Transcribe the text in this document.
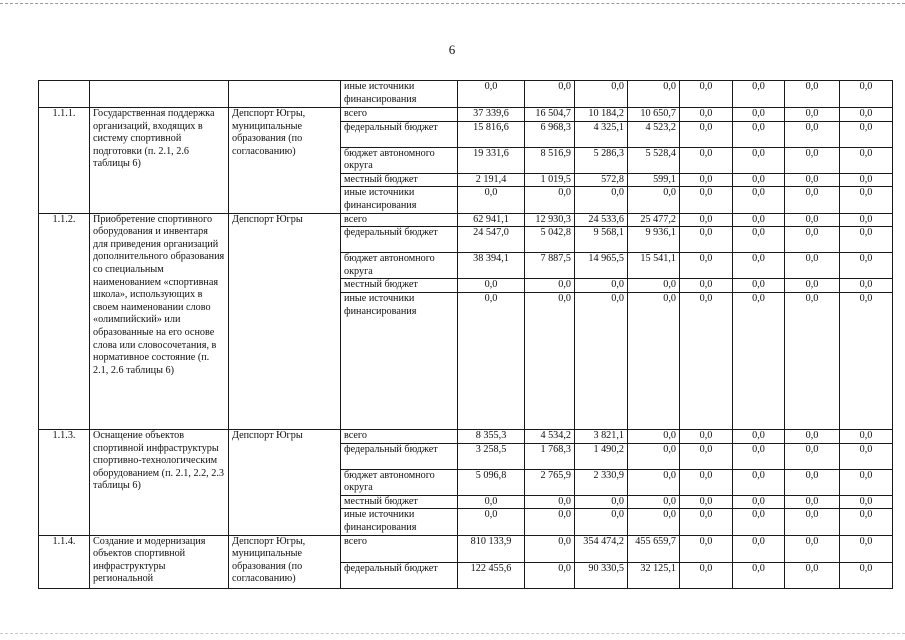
6
			иные источники финансирования	0,0	0,0	0,0	0,0	0,0	0,0	0,0	0,0
1.1.1.	Государственная поддержка организаций, входящих в систему спортивной подготовки (п. 2.1, 2.6 таблицы 6)	Депспорт Югры, муниципальные образования (по согласованию)	всего	37 339,6	16 504,7	10 184,2	10 650,7	0,0	0,0	0,0	0,0
			федеральный бюджет	15 816,6	6 968,3	4 325,1	4 523,2	0,0	0,0	0,0	0,0
			бюджет автономного округа	19 331,6	8 516,9	5 286,3	5 528,4	0,0	0,0	0,0	0,0
			местный бюджет	2 191,4	1 019,5	572,8	599,1	0,0	0,0	0,0	0,0
			иные источники финансирования	0,0	0,0	0,0	0,0	0,0	0,0	0,0	0,0
1.1.2.	Приобретение спортивного оборудования и инвентаря для приведения организаций дополнительного образования со специальным наименованием «спортивная школа», использующих в своем наименовании слово «олимпийский» или образованные на его основе слова или словосочетания, в нормативное состояние (п. 2.1, 2.6 таблицы 6)	Депспорт Югры	всего	62 941,1	12 930,3	24 533,6	25 477,2	0,0	0,0	0,0	0,0
			федеральный бюджет	24 547,0	5 042,8	9 568,1	9 936,1	0,0	0,0	0,0	0,0
			бюджет автономного округа	38 394,1	7 887,5	14 965,5	15 541,1	0,0	0,0	0,0	0,0
			местный бюджет	0,0	0,0	0,0	0,0	0,0	0,0	0,0	0,0
			иные источники финансирования	0,0	0,0	0,0	0,0	0,0	0,0	0,0	0,0
1.1.3.	Оснащение объектов спортивной инфраструктуры спортивно-технологическим оборудованием (п. 2.1, 2.2, 2.3 таблицы 6)	Депспорт Югры	всего	8 355,3	4 534,2	3 821,1	0,0	0,0	0,0	0,0	0,0
			федеральный бюджет	3 258,5	1 768,3	1 490,2	0,0	0,0	0,0	0,0	0,0
			бюджет автономного округа	5 096,8	2 765,9	2 330,9	0,0	0,0	0,0	0,0	0,0
			местный бюджет	0,0	0,0	0,0	0,0	0,0	0,0	0,0	0,0
			иные источники финансирования	0,0	0,0	0,0	0,0	0,0	0,0	0,0	0,0
1.1.4.	Создание и модернизация объектов спортивной инфраструктуры региональной	Депспорт Югры, муниципальные образования (по согласованию)	всего	810 133,9	0,0	354 474,2	455 659,7	0,0	0,0	0,0	0,0
			федеральный бюджет	122 455,6	0,0	90 330,5	32 125,1	0,0	0,0	0,0	0,0
